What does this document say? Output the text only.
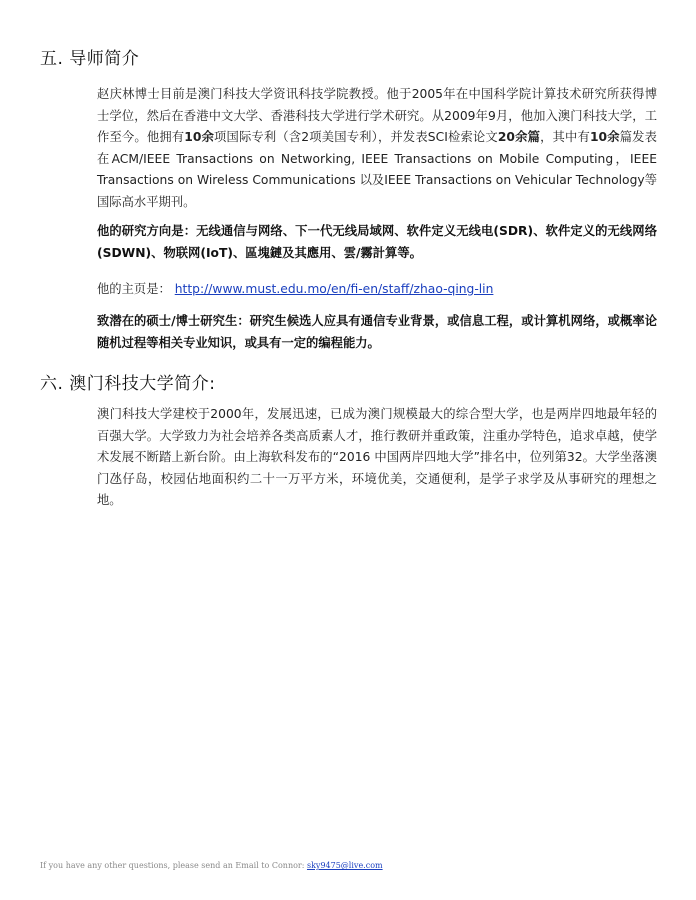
五. 导师简介

赵庆林博士目前是澳门科技大学资讯科技学院教授。他于2005年在中国科学院计算技术研究所获得博士学位，然后在香港中文大学、香港科技大学进行学术研究。从2009年9月，他加入澳门科技大学，工作至今。他拥有10余项国际专利（含2项美国专利），并发表SCI检索论文20余篇，其中有10余篇发表在ACM/IEEE Transactions on Networking, IEEE Transactions on Mobile Computing，IEEE Transactions on Wireless Communications 以及IEEE Transactions on Vehicular Technology等国际高水平期刊。

他的研究方向是：无线通信与网络、下一代无线局域网、软件定义无线电(SDR)、软件定义的无线网络(SDWN)、物联网(IoT)、區塊鏈及其應用、雲/霧計算等。

他的主页是： http://www.must.edu.mo/en/fi-en/staff/zhao-qing-lin

致潜在的硕士/博士研究生：研究生候选人应具有通信专业背景，或信息工程，或计算机网络，或概率论随机过程等相关专业知识，或具有一定的编程能力。

六. 澳门科技大学简介:

澳门科技大学建校于2000年，发展迅速，已成为澳门规模最大的综合型大学，也是两岸四地最年轻的百强大学。大学致力为社会培养各类高质素人才，推行教研并重政策，注重办学特色，追求卓越，使学术发展不断踏上新台阶。由上海软科发布的“2016 中国两岸四地大学”排名中，位列第32。大学坐落澳门氹仔岛，校园佔地面积约二十一万平方米，环境优美，交通便利，是学子求学及从事研究的理想之地。

If you have any other questions, please send an Email to Connor: sky9475@live.com
